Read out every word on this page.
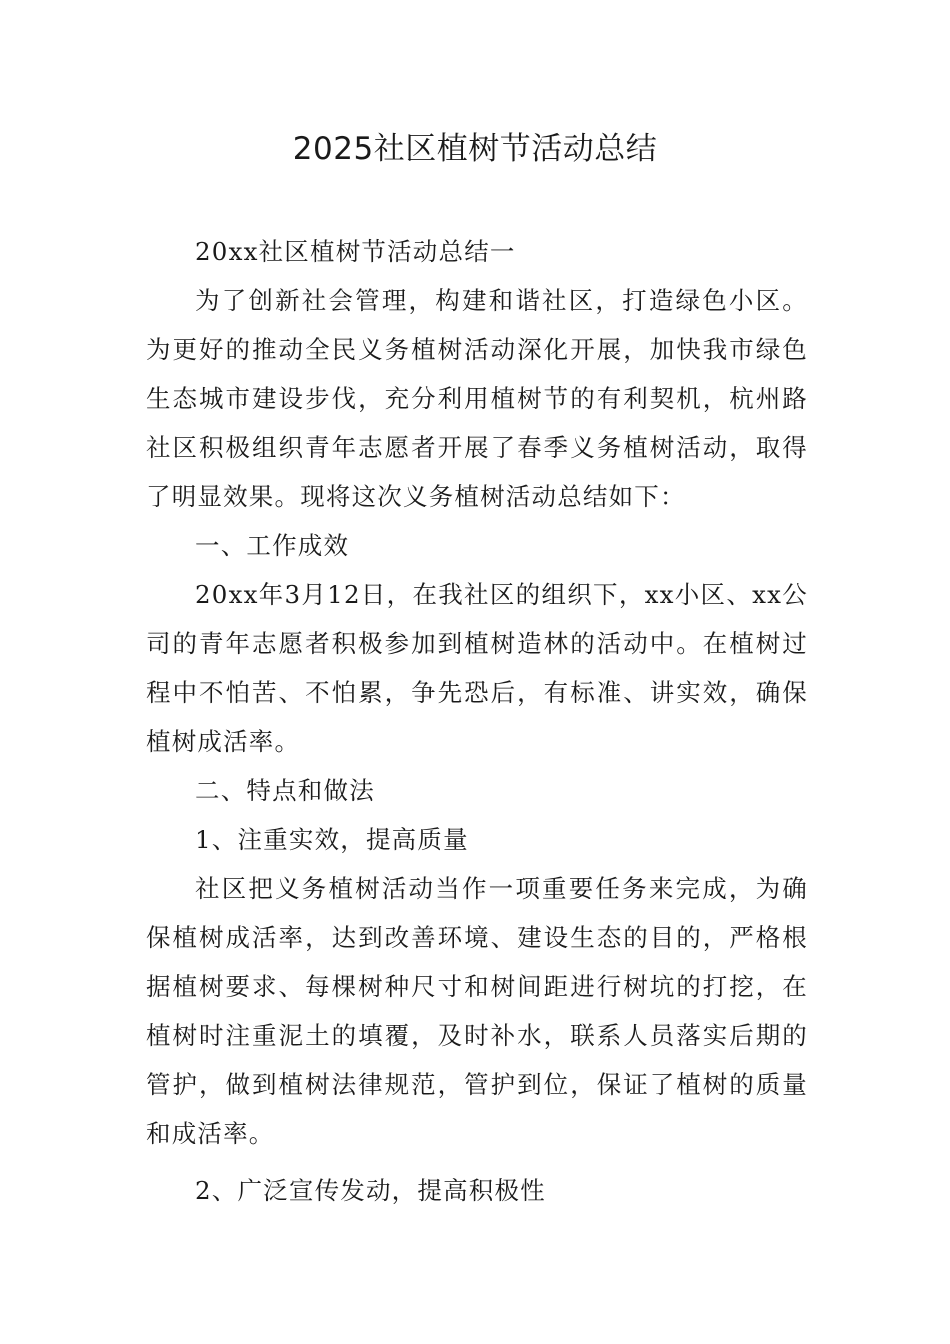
2025社区植树节活动总结

20xx社区植树节活动总结一

为了创新社会管理，构建和谐社区，打造绿色小区。为更好的推动全民义务植树活动深化开展，加快我市绿色生态城市建设步伐，充分利用植树节的有利契机，杭州路社区积极组织青年志愿者开展了春季义务植树活动，取得了明显效果。现将这次义务植树活动总结如下：

一、工作成效

20xx年3月12日，在我社区的组织下，xx小区、xx公司的青年志愿者积极参加到植树造林的活动中。在植树过程中不怕苦、不怕累，争先恐后，有标准、讲实效，确保植树成活率。

二、特点和做法

1、注重实效，提高质量

社区把义务植树活动当作一项重要任务来完成，为确保植树成活率，达到改善环境、建设生态的目的，严格根据植树要求、每棵树种尺寸和树间距进行树坑的打挖，在植树时注重泥土的填覆，及时补水，联系人员落实后期的管护，做到植树法律规范，管护到位，保证了植树的质量和成活率。

2、广泛宣传发动，提高积极性
